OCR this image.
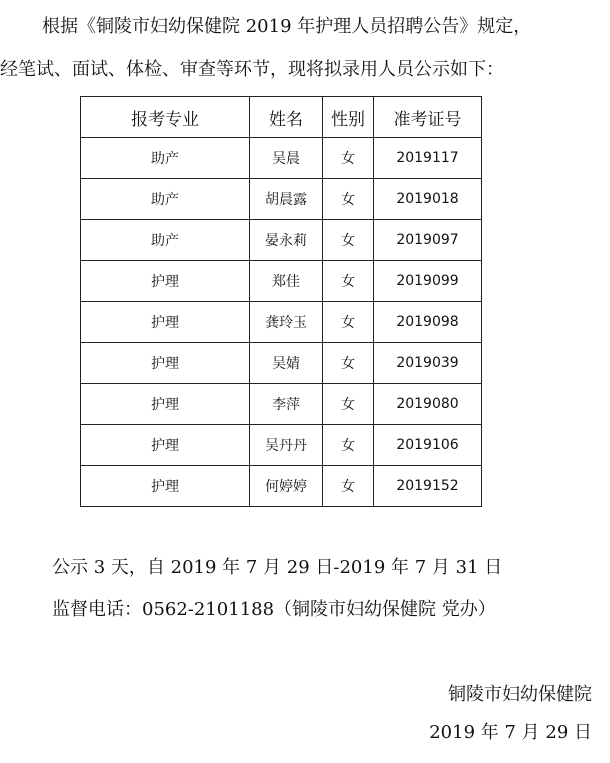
根据《铜陵市妇幼保健院 2019 年护理人员招聘公告》规定，
经笔试、面试、体检、审查等环节，现将拟录用人员公示如下：
报考专业	姓名	性别	准考证号
助产	吴晨	女	2019117
助产	胡晨露	女	2019018
助产	晏永莉	女	2019097
护理	郑佳	女	2019099
护理	龚玲玉	女	2019098
护理	吴婧	女	2019039
护理	李萍	女	2019080
护理	吴丹丹	女	2019106
护理	何婷婷	女	2019152
公示 3 天，自 2019 年 7 月 29 日-2019 年 7 月 31 日
监督电话：0562-2101188（铜陵市妇幼保健院 党办）
铜陵市妇幼保健院
2019 年 7 月 29 日
